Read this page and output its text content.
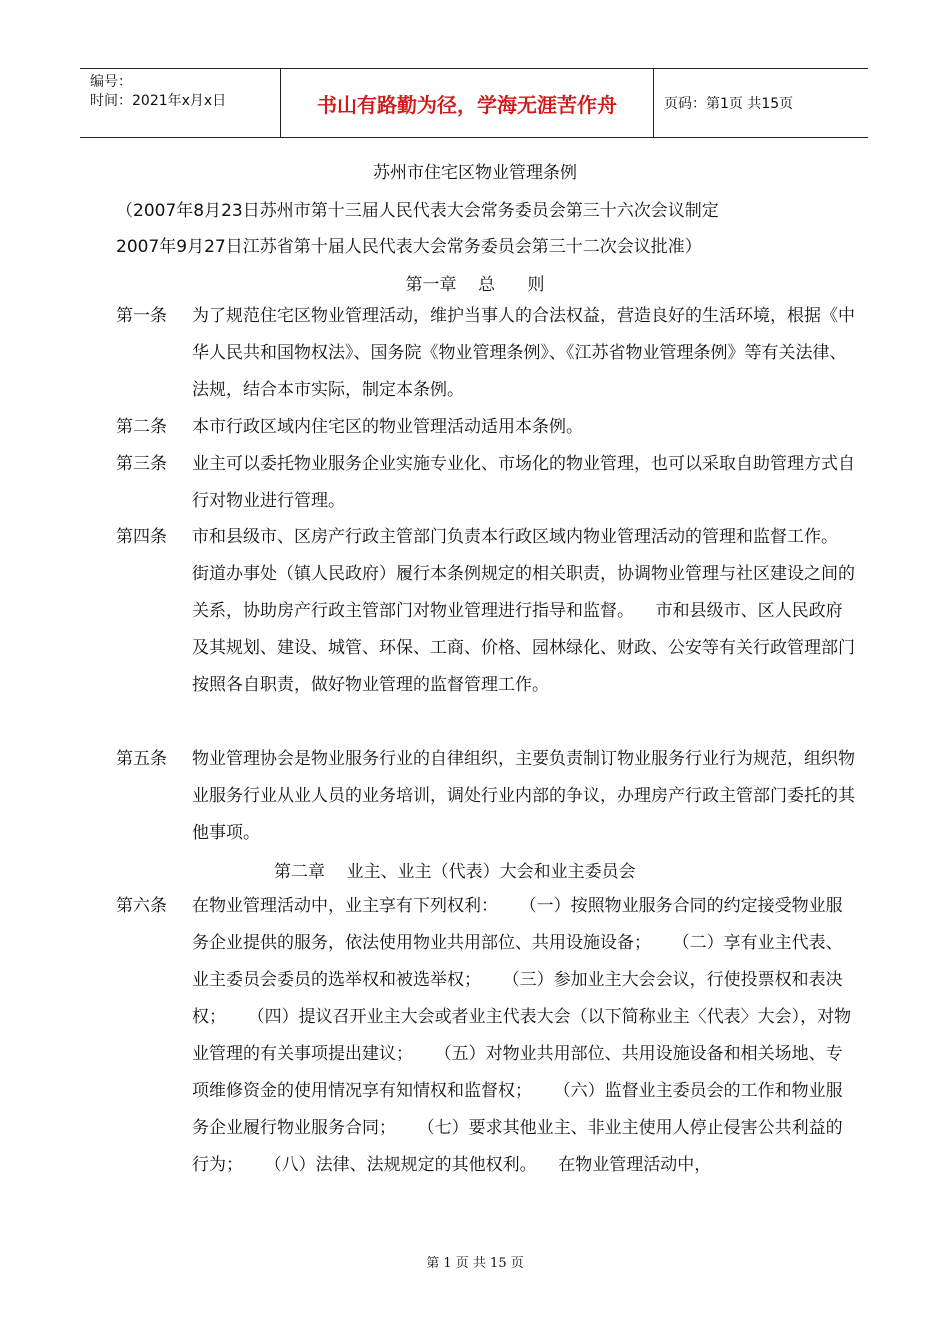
编号：
时间：2021年x月x日	书山有路勤为径，学海无涯苦作舟	页码：第1页 共15页
苏州市住宅区物业管理条例
（2007年8月23日苏州市第十三届人民代表大会常务委员会第三十六次会议制定
2007年9月27日江苏省第十届人民代表大会常务委员会第三十二次会议批准）
第一章    总      则
第一条	为了规范住宅区物业管理活动，维护当事人的合法权益，营造良好的生活环境，根据《中华人民共和国物权法》、国务院《物业管理条例》、《江苏省物业管理条例》等有关法律、法规，结合本市实际，制定本条例。
第二条	本市行政区域内住宅区的物业管理活动适用本条例。
第三条	业主可以委托物业服务企业实施专业化、市场化的物业管理，也可以采取自助管理方式自行对物业进行管理。
第四条	市和县级市、区房产行政主管部门负责本行政区域内物业管理活动的管理和监督工作。    街道办事处（镇人民政府）履行本条例规定的相关职责，协调物业管理与社区建设之间的关系，协助房产行政主管部门对物业管理进行指导和监督。    市和县级市、区人民政府及其规划、建设、城管、环保、工商、价格、园林绿化、财政、公安等有关行政管理部门按照各自职责，做好物业管理的监督管理工作。
第五条	物业管理协会是物业服务行业的自律组织，主要负责制订物业服务行业行为规范，组织物业服务行业从业人员的业务培训，调处行业内部的争议，办理房产行政主管部门委托的其他事项。
第二章    业主、业主（代表）大会和业主委员会
第六条	在物业管理活动中，业主享有下列权利：    （一）按照物业服务合同的约定接受物业服务企业提供的服务，依法使用物业共用部位、共用设施设备；    （二）享有业主代表、业主委员会委员的选举权和被选举权；    （三）参加业主大会会议，行使投票权和表决权；    （四）提议召开业主大会或者业主代表大会（以下简称业主〈代表〉大会），对物业管理的有关事项提出建议；    （五）对物业共用部位、共用设施设备和相关场地、专项维修资金的使用情况享有知情权和监督权；    （六）监督业主委员会的工作和物业服务企业履行物业服务合同；    （七）要求其他业主、非业主使用人停止侵害公共利益的行为；    （八）法律、法规规定的其他权利。    在物业管理活动中，
第 1 页 共 15 页
